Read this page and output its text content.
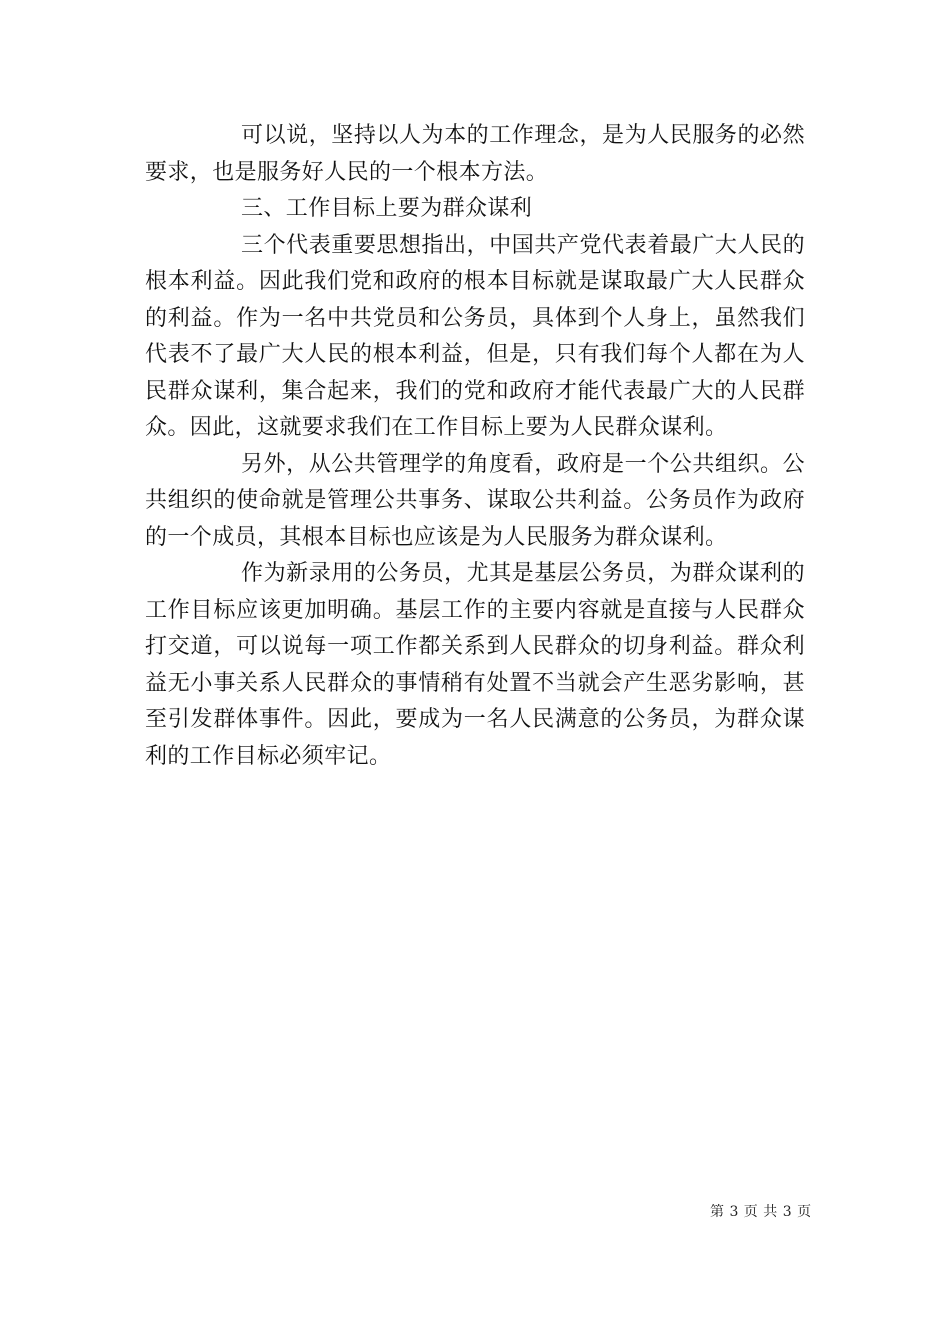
可以说，坚持以人为本的工作理念，是为人民服务的必然要求，也是服务好人民的一个根本方法。

三、工作目标上要为群众谋利

三个代表重要思想指出，中国共产党代表着最广大人民的根本利益。因此我们党和政府的根本目标就是谋取最广大人民群众的利益。作为一名中共党员和公务员，具体到个人身上，虽然我们代表不了最广大人民的根本利益，但是，只有我们每个人都在为人民群众谋利，集合起来，我们的党和政府才能代表最广大的人民群众。因此，这就要求我们在工作目标上要为人民群众谋利。

另外，从公共管理学的角度看，政府是一个公共组织。公共组织的使命就是管理公共事务、谋取公共利益。公务员作为政府的一个成员，其根本目标也应该是为人民服务为群众谋利。

作为新录用的公务员，尤其是基层公务员，为群众谋利的工作目标应该更加明确。基层工作的主要内容就是直接与人民群众打交道，可以说每一项工作都关系到人民群众的切身利益。群众利益无小事关系人民群众的事情稍有处置不当就会产生恶劣影响，甚至引发群体事件。因此，要成为一名人民满意的公务员，为群众谋利的工作目标必须牢记。

第 3 页 共 3 页
